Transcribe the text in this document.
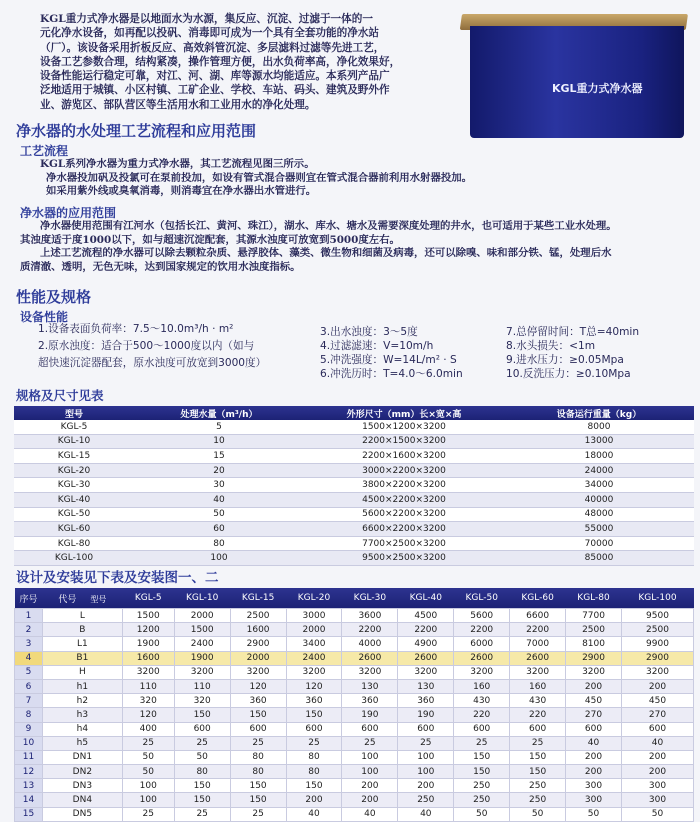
KGL重力式净水器是以地面水为水源，集反应、沉淀、过滤于一体的一

元化净水设备，如再配以投矾、消毒即可成为一个具有全套功能的净水站

（厂）。该设备采用折板反应、高效斜管沉淀、多层滤料过滤等先进工艺，

设备工艺参数合理，结构紧凑，操作管理方便，出水负荷率高，净化效果好，

设备性能运行稳定可靠，对江、河、湖、库等源水均能适应。本系列产品广

泛地适用于城镇、小区村镇、工矿企业、学校、车站、码头、建筑及野外作

业、游览区、部队营区等生活用水和工业用水的净化处理。

KGL重力式净水器
净水器的水处理工艺流程和应用范围
工艺流程

KGL系列净水器为重力式净水器，其工艺流程见图三所示。

净水器投加矾及投氯可在泵前投加，如设有管式混合器则宜在管式混合器前利用水射器投加。

如采用紫外线或臭氧消毒，则消毒宜在净水器出水管进行。

净水器的应用范围

净水器使用范围有江河水（包括长江、黄河、珠江），湖水、库水、塘水及需要深度处理的井水，也可适用于某些工业水处理。

其浊度适于度1000以下，如与超速沉淀配套，其源水浊度可放宽到5000度左右。

上述工艺流程的净水器可以除去颗粒杂质、悬浮胶体、藻类、微生物和细菌及病毒，还可以除嗅、味和部分铁、锰，处理后水

质清澈、透明，无色无味，达到国家规定的饮用水浊度指标。

性能及规格
设备性能
1.设备表面负荷率：7.5～10.0m³/h · m²
2.原水浊度：适合于500～1000度以内（如与
超快速沉淀器配套，原水浊度可放宽到3000度）
3.出水浊度：3～5度
4.过滤滤速：V=10m/h
5.冲洗强度：W=14L/m² · S
6.冲洗历时：T=4.0～6.0min
7.总停留时间：T总=40min
8.水头损失：<1m
9.进水压力：≥0.05Mpa
10.反洗压力：≥0.10Mpa
规格及尺寸见表
型号	处理水量（m³/h）	外形尺寸（mm）长×宽×高	设备运行重量（kg）
KGL-5	5	1500×1200×3200	8000
KGL-10	10	2200×1500×3200	13000
KGL-15	15	2200×1600×3200	18000
KGL-20	20	3000×2200×3200	24000
KGL-30	30	3800×2200×3200	34000
KGL-40	40	4500×2200×3200	40000
KGL-50	50	5600×2200×3200	48000
KGL-60	60	6600×2200×3200	55000
KGL-80	80	7700×2500×3200	70000
KGL-100	100	9500×2500×3200	85000
设计及安装见下表及安装图一、二
序号	代号 型号	KGL-5	KGL-10	KGL-15	KGL-20	KGL-30	KGL-40	KGL-50	KGL-60	KGL-80	KGL-100
1	L	1500	2000	2500	3000	3600	4500	5600	6600	7700	9500
2	B	1200	1500	1600	2000	2200	2200	2200	2200	2500	2500
3	L1	1900	2400	2900	3400	4000	4900	6000	7000	8100	9900
4	B1	1600	1900	2000	2400	2600	2600	2600	2600	2900	2900
5	H	3200	3200	3200	3200	3200	3200	3200	3200	3200	3200
6	h1	110	110	120	120	130	130	160	160	200	200
7	h2	320	320	360	360	360	360	430	430	450	450
8	h3	120	150	150	150	190	190	220	220	270	270
9	h4	400	600	600	600	600	600	600	600	600	600
10	h5	25	25	25	25	25	25	25	25	40	40
11	DN1	50	50	80	80	100	100	150	150	200	200
12	DN2	50	80	80	80	100	100	150	150	200	200
13	DN3	100	150	150	150	200	200	250	250	300	300
14	DN4	100	150	150	200	200	250	250	250	300	300
15	DN5	25	25	25	40	40	40	50	50	50	50
